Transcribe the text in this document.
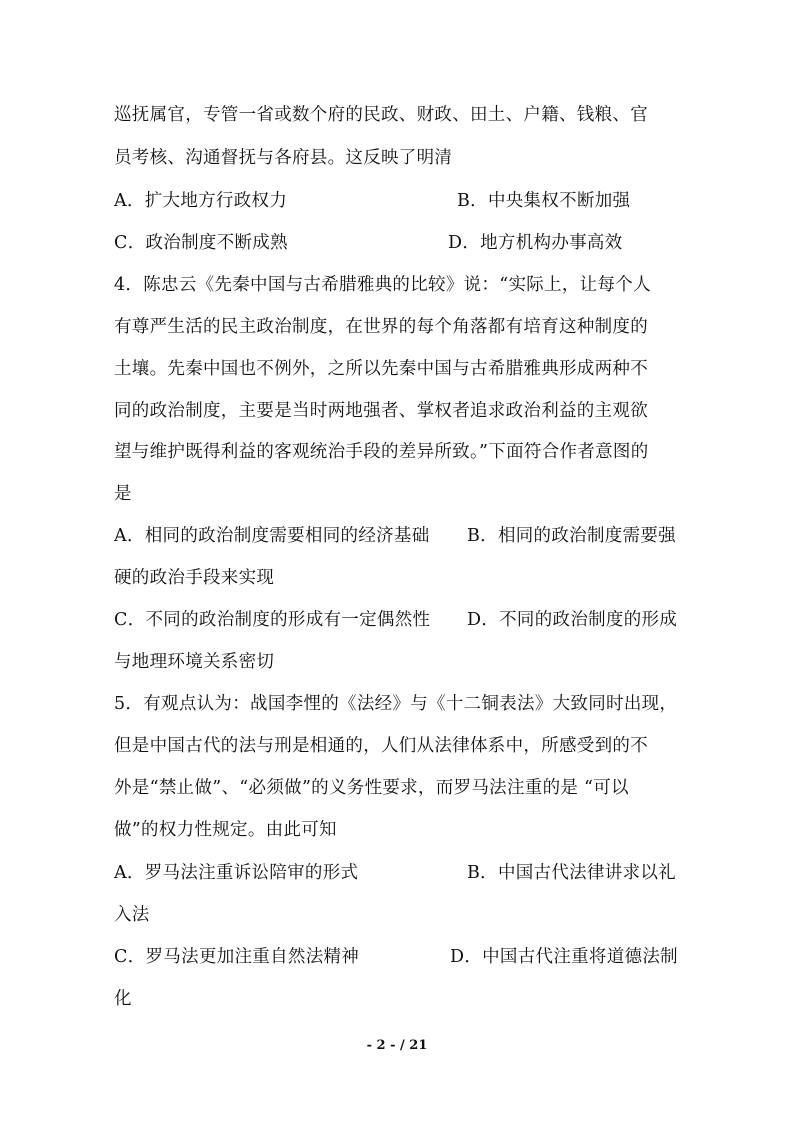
巡抚属官，专管一省或数个府的民政、财政、田土、户籍、钱粮、官
员考核、沟通督抚与各府县。这反映了明清
A．扩大地方行政权力	B．中央集权不断加强
C．政治制度不断成熟	D．地方机构办事高效
4．陈忠云《先秦中国与古希腊雅典的比较》说：“实际上，让每个人
有尊严生活的民主政治制度，在世界的每个角落都有培育这种制度的
土壤。先秦中国也不例外，之所以先秦中国与古希腊雅典形成两种不
同的政治制度，主要是当时两地强者、掌权者追求政治利益的主观欲
望与维护既得利益的客观统治手段的差异所致。”下面符合作者意图的
是
A．相同的政治制度需要相同的经济基础 B．相同的政治制度需要强
硬的政治手段来实现
C．不同的政治制度的形成有一定偶然性 D．不同的政治制度的形成
与地理环境关系密切
5．有观点认为：战国李悝的《法经》与《十二铜表法》大致同时出现，
但是中国古代的法与刑是相通的，人们从法律体系中，所感受到的不
外是“禁止做”、“必须做”的义务性要求，而罗马法注重的是 “可以
做”的权力性规定。由此可知
A．罗马法注重诉讼陪审的形式	B．中国古代法律讲求以礼
入法
C．罗马法更加注重自然法精神	D．中国古代注重将道德法制
化
- 2 - / 21
